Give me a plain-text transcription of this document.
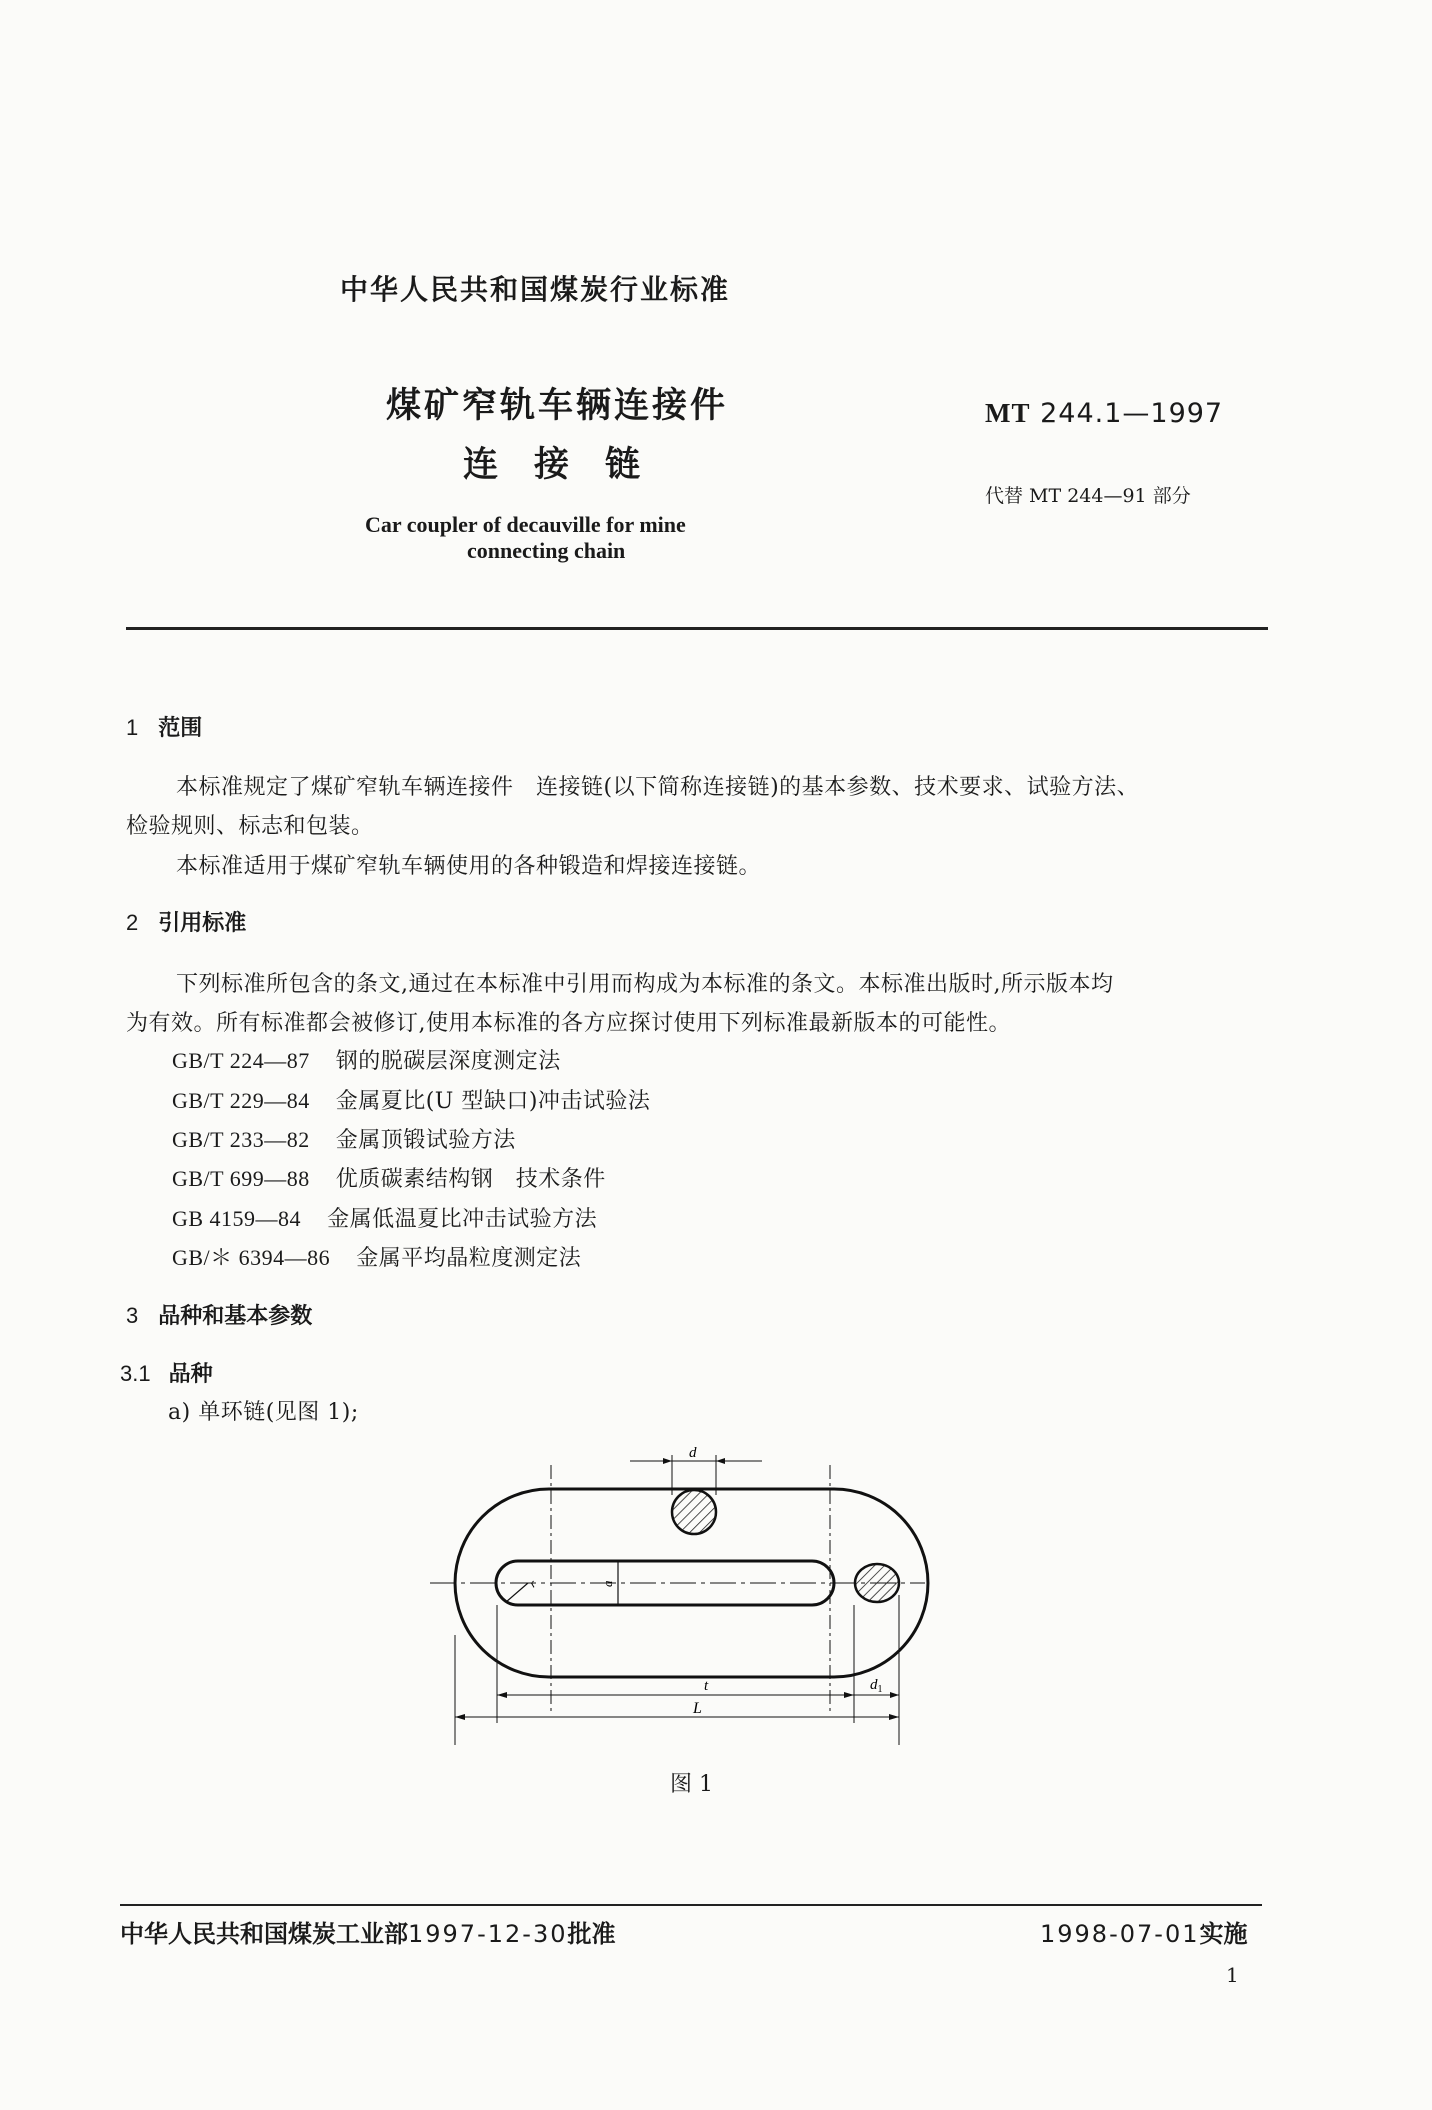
中华人民共和国煤炭行业标准
煤矿窄轨车辆连接件
连接链
Car coupler of decauville for mine
connecting chain
MT 244.1—1997
代替 MT 244—91 部分
1 范围
本标准规定了煤矿窄轨车辆连接件　连接链(以下简称连接链)的基本参数、技术要求、试验方法、
检验规则、标志和包装。
本标准适用于煤矿窄轨车辆使用的各种锻造和焊接连接链。
2 引用标准
下列标准所包含的条文,通过在本标准中引用而构成为本标准的条文。本标准出版时,所示版本均
为有效。所有标准都会被修订,使用本标准的各方应探讨使用下列标准最新版本的可能性。
GB/T 224—87 钢的脱碳层深度测定法
GB/T 229—84 金属夏比(U 型缺口)冲击试验法
GB/T 233—82 金属顶锻试验方法
GB/T 699—88 优质碳素结构钢　技术条件
GB 4159—84 金属低温夏比冲击试验方法
GB/＊ 6394—86 金属平均晶粒度测定法
3 品种和基本参数
3.1 品种
a) 单环链(见图 1);
d
t	$d_1$
L
a
r
图 1
中华人民共和国煤炭工业部1997-12-30批准	1998-07-01实施
1
